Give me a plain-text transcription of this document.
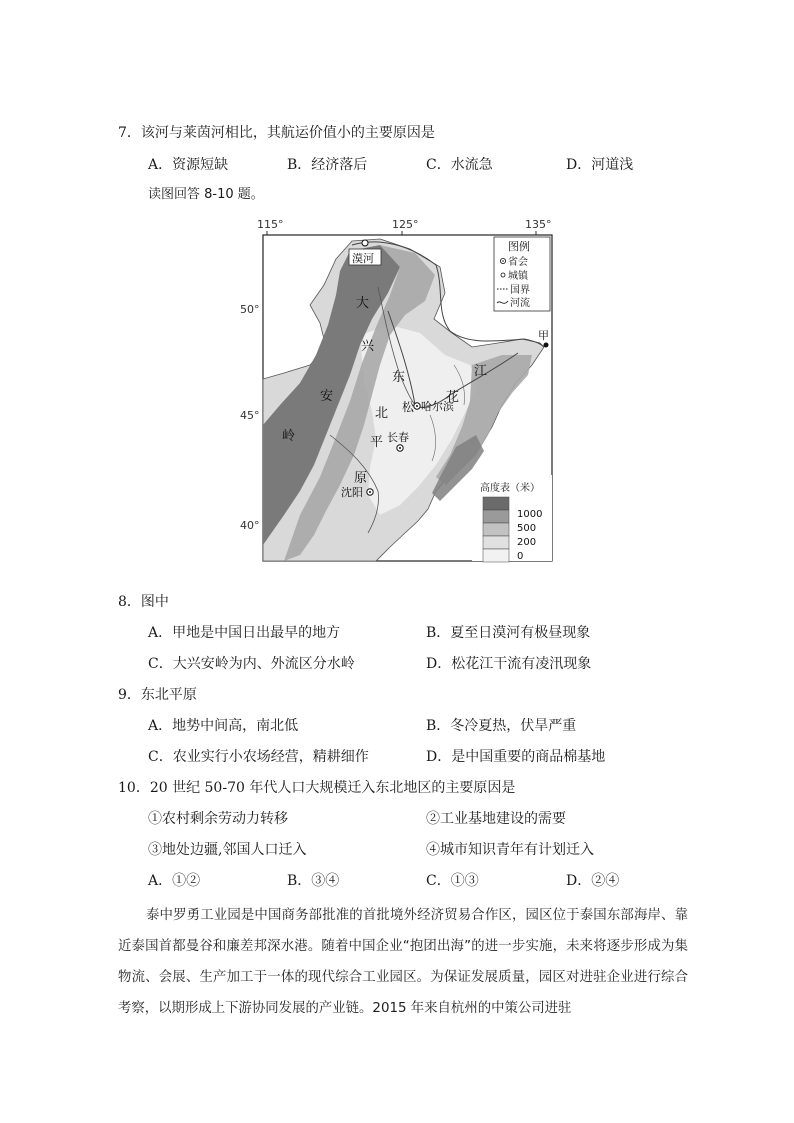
7．该河与莱茵河相比，其航运价值小的主要原因是
A．资源短缺	B．经济落后	C．水流急	D．河道浅
读图回答 8-10 题。
115°	125°	135°
50°
45°
40°
大
兴
安
岭
东
北
平
原
松
花
江
漠河
甲
哈尔滨
长春
沈阳
图例
省会
城镇
国界
河流
高度表（米）
1000
500
200
0
8．图中
A．甲地是中国日出最早的地方	B．夏至日漠河有极昼现象
C．大兴安岭为内、外流区分水岭	D．松花江干流有凌汛现象
9．东北平原
A．地势中间高，南北低	B．冬冷夏热，伏旱严重
C．农业实行小农场经营，精耕细作	D．是中国重要的商品棉基地
10．20 世纪 50-70 年代人口大规模迁入东北地区的主要原因是
①农村剩余劳动力转移	②工业基地建设的需要
③地处边疆,邻国人口迁入	④城市知识青年有计划迁入
A．①②	B．③④	C．①③	D．②④

泰中罗勇工业园是中国商务部批准的首批境外经济贸易合作区，园区位于泰国东部海岸、靠近泰国首都曼谷和廉差邦深水港。随着中国企业“抱团出海”的进一步实施，未来将逐步形成为集物流、会展、生产加工于一体的现代综合工业园区。为保证发展质量，园区对进驻企业进行综合考察，以期形成上下游协同发展的产业链。2015 年来自杭州的中策公司进驻
